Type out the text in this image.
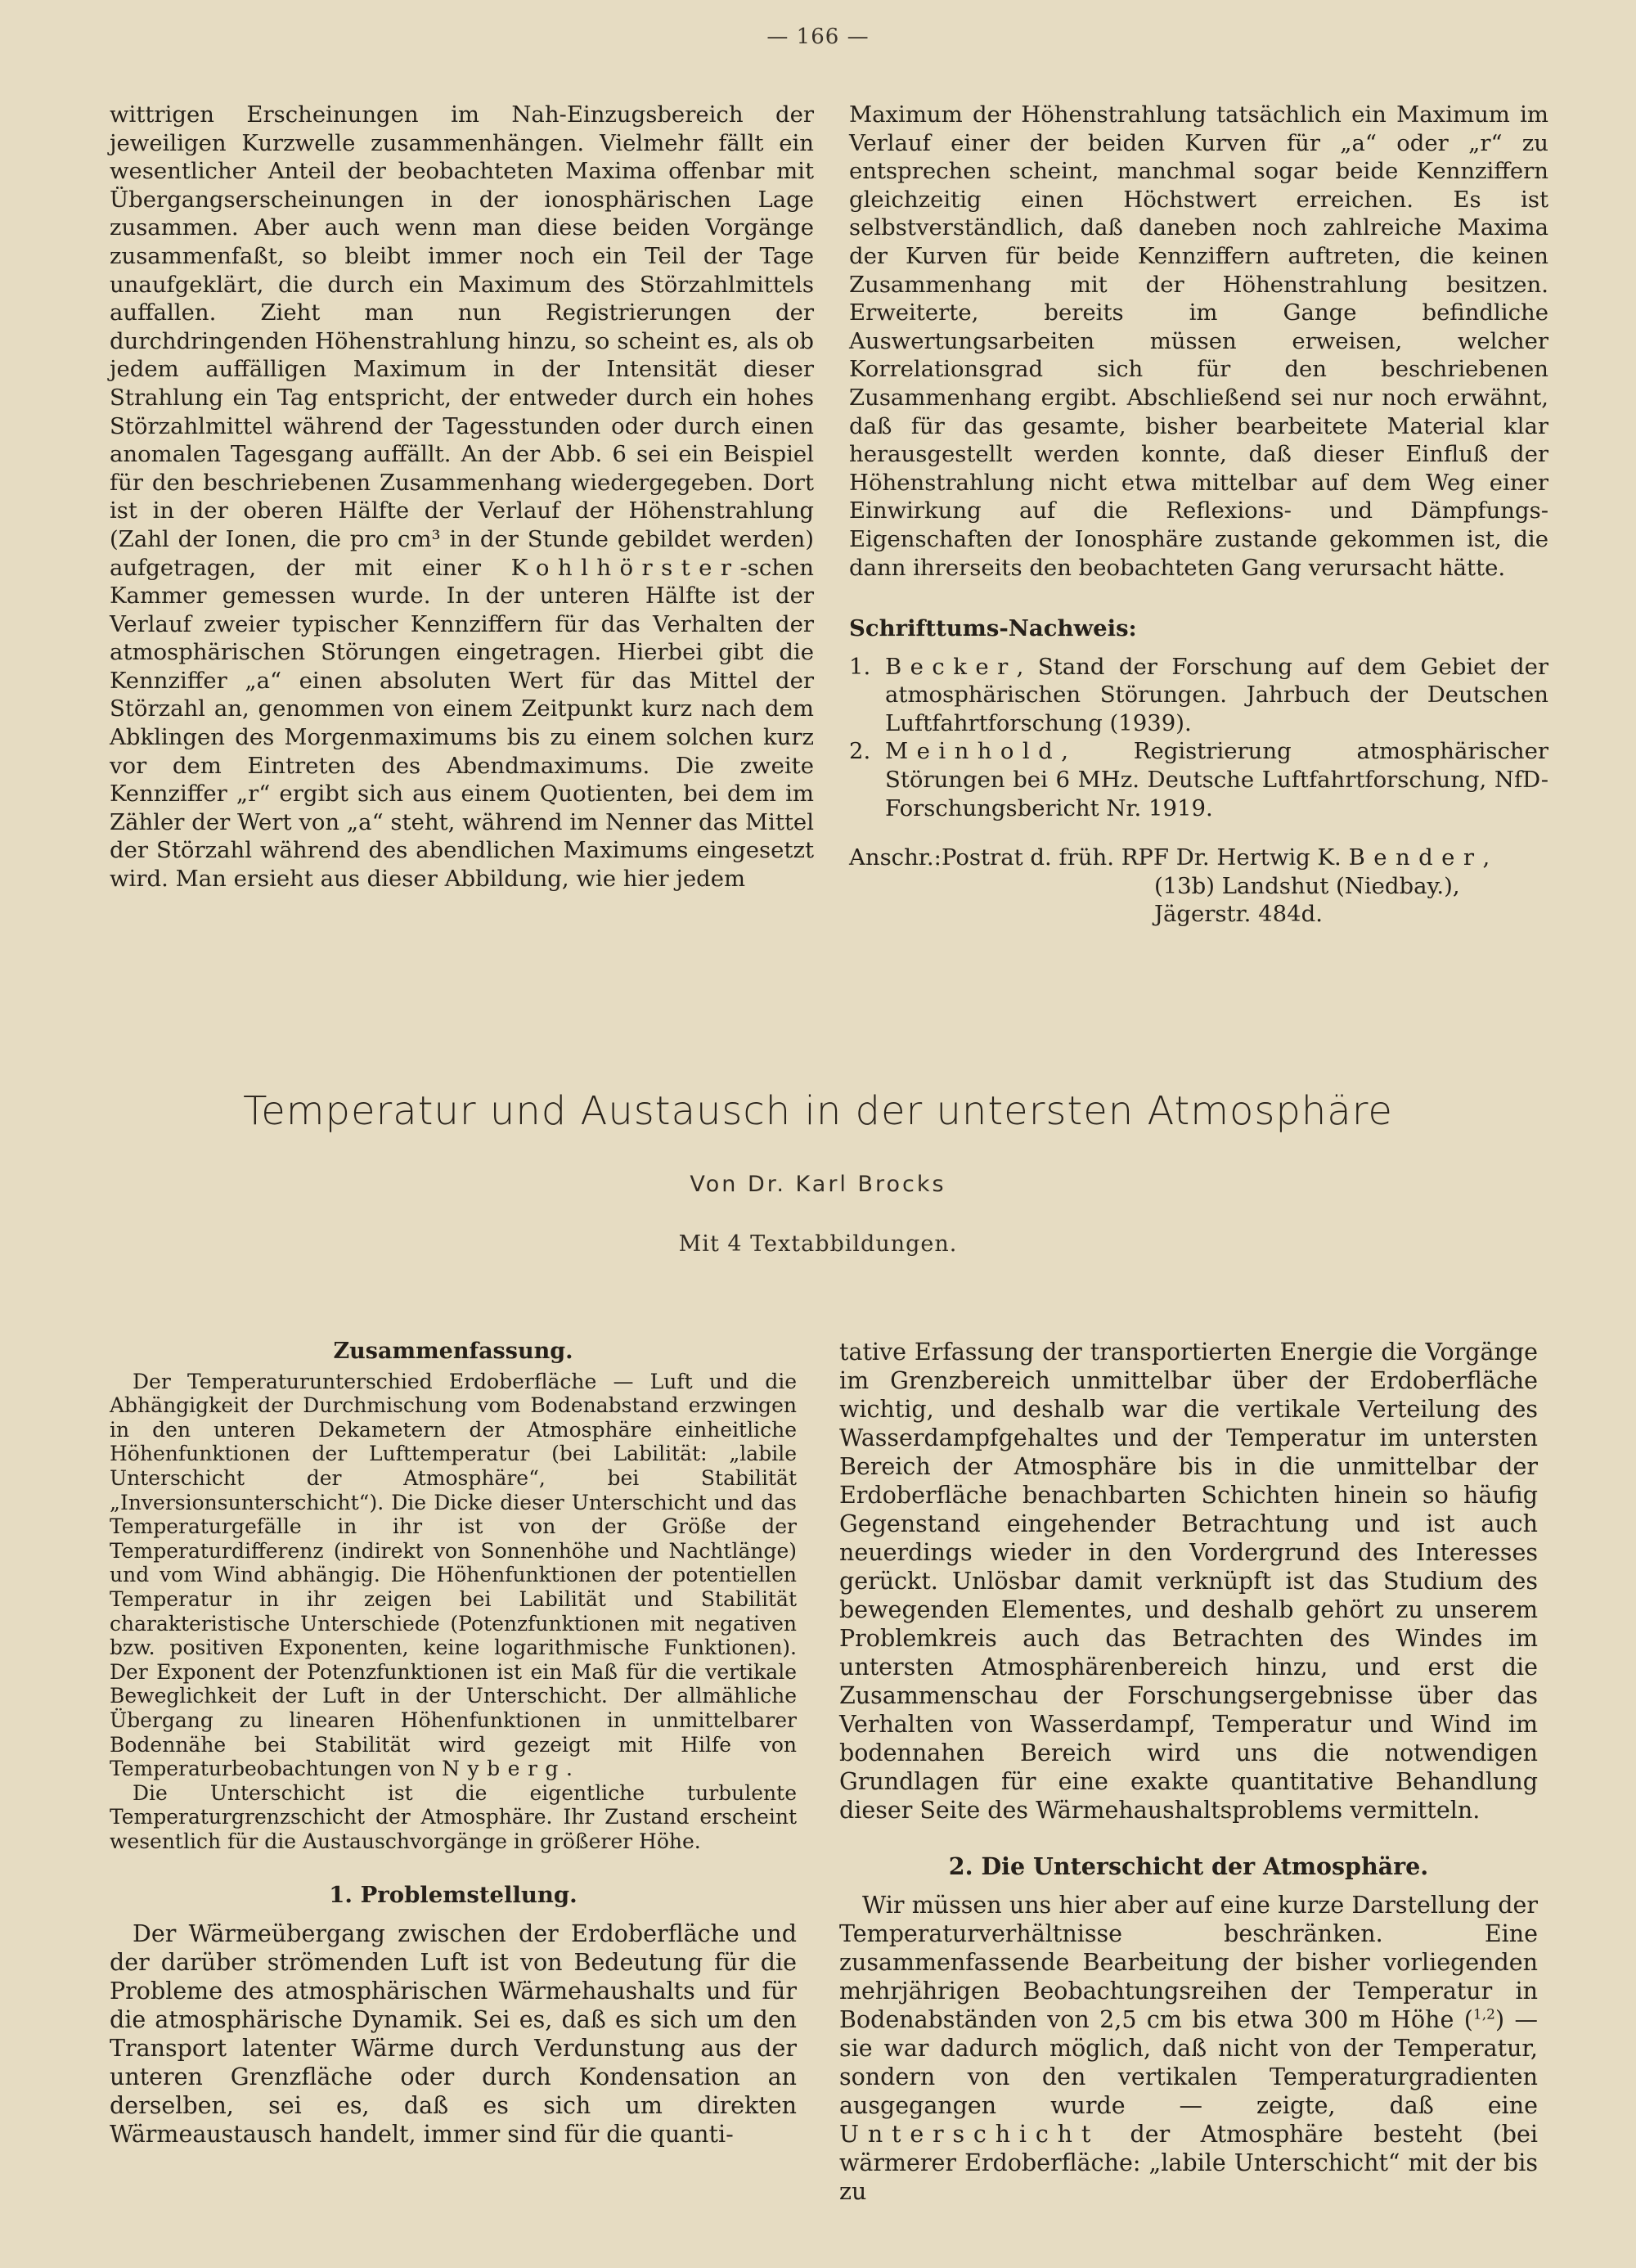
— 166 —

wittrigen Erscheinungen im Nah-Einzugsbereich der jeweiligen Kurzwelle zusammenhängen. Vielmehr fällt ein wesentlicher Anteil der beobachteten Maxima offenbar mit Übergangserscheinungen in der ionosphärischen Lage zusammen. Aber auch wenn man diese beiden Vorgänge zusammenfaßt, so bleibt immer noch ein Teil der Tage unaufgeklärt, die durch ein Maximum des Störzahlmittels auffallen. Zieht man nun Registrierungen der durchdringenden Höhenstrahlung hinzu, so scheint es, als ob jedem auffälligen Maximum in der Intensität dieser Strahlung ein Tag entspricht, der entweder durch ein hohes Störzahlmittel während der Tagesstunden oder durch einen anomalen Tagesgang auffällt. An der Abb. 6 sei ein Beispiel für den beschriebenen Zusammenhang wiedergegeben. Dort ist in der oberen Hälfte der Verlauf der Höhenstrahlung (Zahl der Ionen, die pro cm³ in der Stunde gebildet werden) aufgetragen, der mit einer Kohlhörster-schen Kammer gemessen wurde. In der unteren Hälfte ist der Verlauf zweier typischer Kennziffern für das Verhalten der atmosphärischen Störungen eingetragen. Hierbei gibt die Kennziffer „a“ einen absoluten Wert für das Mittel der Störzahl an, genommen von einem Zeitpunkt kurz nach dem Abklingen des Morgenmaximums bis zu einem solchen kurz vor dem Eintreten des Abendmaximums. Die zweite Kennziffer „r“ ergibt sich aus einem Quotienten, bei dem im Zähler der Wert von „a“ steht, während im Nenner das Mittel der Störzahl während des abendlichen Maximums eingesetzt wird. Man ersieht aus dieser Abbildung, wie hier jedem

Maximum der Höhenstrahlung tatsächlich ein Maximum im Verlauf einer der beiden Kurven für „a“ oder „r“ zu entsprechen scheint, manchmal sogar beide Kennziffern gleichzeitig einen Höchstwert erreichen. Es ist selbstverständlich, daß daneben noch zahlreiche Maxima der Kurven für beide Kennziffern auftreten, die keinen Zusammenhang mit der Höhenstrahlung besitzen. Erweiterte, bereits im Gange befindliche Auswertungsarbeiten müssen erweisen, welcher Korrelationsgrad sich für den beschriebenen Zusammenhang ergibt. Abschließend sei nur noch erwähnt, daß für das gesamte, bisher bearbeitete Material klar herausgestellt werden konnte, daß dieser Einfluß der Höhenstrahlung nicht etwa mittelbar auf dem Weg einer Einwirkung auf die Reflexions- und Dämpfungs-Eigenschaften der Ionosphäre zustande gekommen ist, die dann ihrerseits den beobachteten Gang verursacht hätte.

Schrifttums-Nachweis:
1. Becker, Stand der Forschung auf dem Gebiet der atmosphärischen Störungen. Jahrbuch der Deutschen Luftfahrtforschung (1939).
2. Meinhold, Registrierung atmosphärischer Störungen bei 6 MHz. Deutsche Luftfahrtforschung, NfD-Forschungsbericht Nr. 1919.
Anschr.: Postrat d. früh. RPF Dr. Hertwig K. Bender,
(13b) Landshut (Niedbay.),
Jägerstr. 484d.
Temperatur und Austausch in der untersten Atmosphäre
Von Dr. Karl Brocks
Mit 4 Textabbildungen.
Zusammenfassung.

Der Temperaturunterschied Erdoberfläche — Luft und die Abhängigkeit der Durchmischung vom Bodenabstand erzwingen in den unteren Dekametern der Atmosphäre einheitliche Höhenfunktionen der Lufttemperatur (bei Labilität: „labile Unterschicht der Atmosphäre“, bei Stabilität „Inversionsunterschicht“). Die Dicke dieser Unterschicht und das Temperaturgefälle in ihr ist von der Größe der Temperaturdifferenz (indirekt von Sonnenhöhe und Nachtlänge) und vom Wind abhängig. Die Höhenfunktionen der potentiellen Temperatur in ihr zeigen bei Labilität und Stabilität charakteristische Unterschiede (Potenzfunktionen mit negativen bzw. positiven Exponenten, keine logarithmische Funktionen). Der Exponent der Potenzfunktionen ist ein Maß für die vertikale Beweglichkeit der Luft in der Unterschicht. Der allmähliche Übergang zu linearen Höhenfunktionen in unmittelbarer Bodennähe bei Stabilität wird gezeigt mit Hilfe von Temperaturbeobachtungen von Nyberg.

Die Unterschicht ist die eigentliche turbulente Temperaturgrenzschicht der Atmosphäre. Ihr Zustand erscheint wesentlich für die Austauschvorgänge in größerer Höhe.

1. Problemstellung.

Der Wärmeübergang zwischen der Erdoberfläche und der darüber strömenden Luft ist von Bedeutung für die Probleme des atmosphärischen Wärmehaushalts und für die atmosphärische Dynamik. Sei es, daß es sich um den Transport latenter Wärme durch Verdunstung aus der unteren Grenzfläche oder durch Kondensation an derselben, sei es, daß es sich um direkten Wärmeaustausch handelt, immer sind für die quanti-

tative Erfassung der transportierten Energie die Vorgänge im Grenzbereich unmittelbar über der Erdoberfläche wichtig, und deshalb war die vertikale Verteilung des Wasserdampfgehaltes und der Temperatur im untersten Bereich der Atmosphäre bis in die unmittelbar der Erdoberfläche benachbarten Schichten hinein so häufig Gegenstand eingehender Betrachtung und ist auch neuerdings wieder in den Vordergrund des Interesses gerückt. Unlösbar damit verknüpft ist das Studium des bewegenden Elementes, und deshalb gehört zu unserem Problemkreis auch das Betrachten des Windes im untersten Atmosphärenbereich hinzu, und erst die Zusammenschau der Forschungsergebnisse über das Verhalten von Wasserdampf, Temperatur und Wind im bodennahen Bereich wird uns die notwendigen Grundlagen für eine exakte quantitative Behandlung dieser Seite des Wärmehaushaltsproblems vermitteln.

2. Die Unterschicht der Atmosphäre.

Wir müssen uns hier aber auf eine kurze Darstellung der Temperaturverhältnisse beschränken. Eine zusammenfassende Bearbeitung der bisher vorliegenden mehrjährigen Beobachtungsreihen der Temperatur in Bodenabständen von 2,5 cm bis etwa 300 m Höhe ($^{1,2}$) — sie war dadurch möglich, daß nicht von der Temperatur, sondern von den vertikalen Temperaturgradienten ausgegangen wurde — zeigte, daß eine Unterschicht der Atmosphäre besteht (bei wärmerer Erdoberfläche: „labile Unterschicht“ mit der bis zu
